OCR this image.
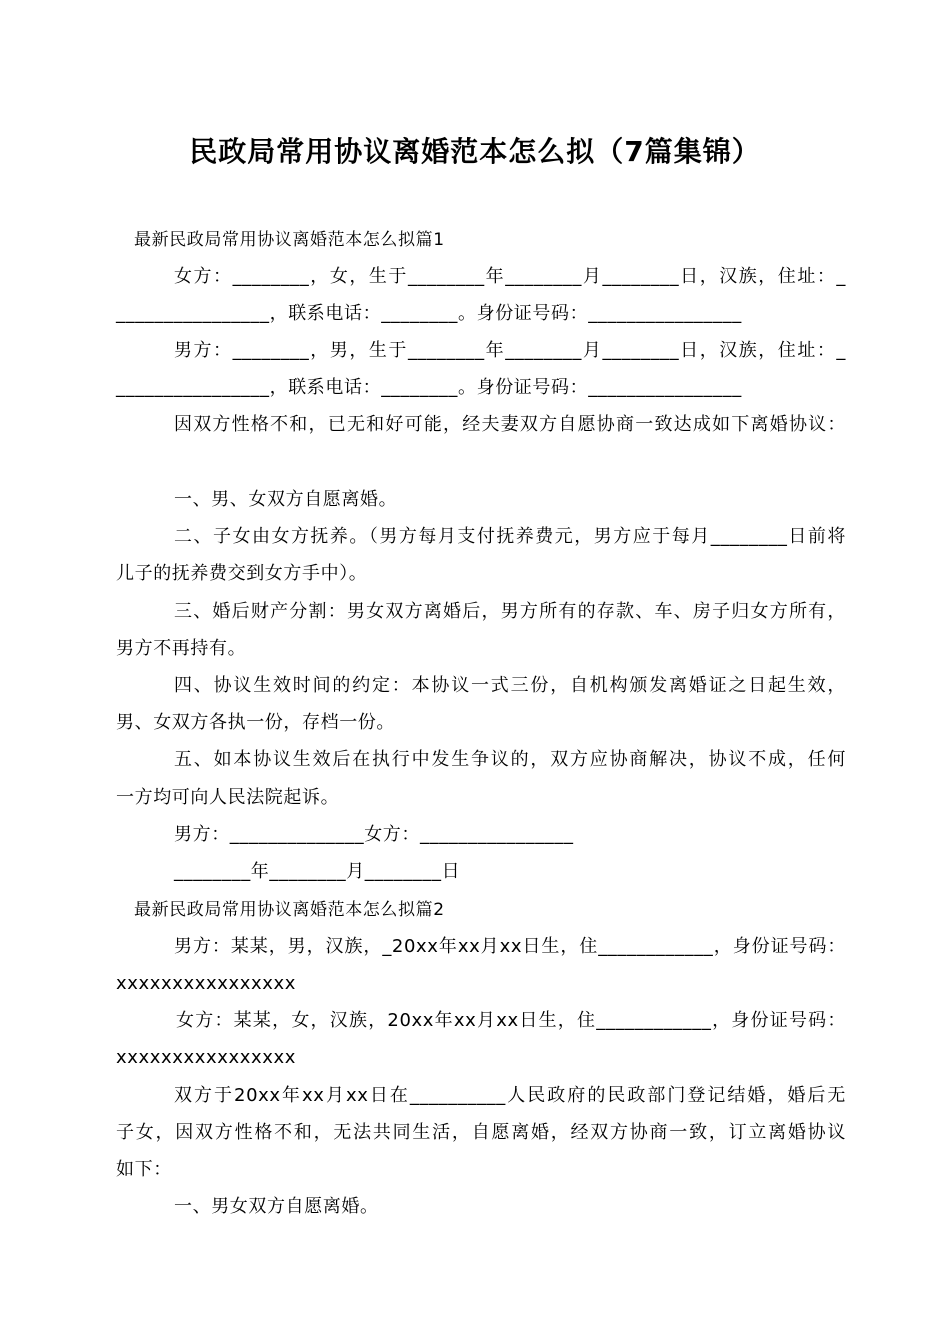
民政局常用协议离婚范本怎么拟（7篇集锦）

最新民政局常用协议离婚范本怎么拟篇1

女方：________，女，生于________年________月________日，汉族，住址：_

________________，联系电话：________。身份证号码：________________

男方：________，男，生于________年________月________日，汉族，住址：_

________________，联系电话：________。身份证号码：________________

因双方性格不和，已无和好可能，经夫妻双方自愿协商一致达成如下离婚协议：

一、男、女双方自愿离婚。

二、子女由女方抚养。（男方每月支付抚养费元，男方应于每月________日前将

儿子的抚养费交到女方手中）。

三、婚后财产分割：男女双方离婚后，男方所有的存款、车、房子归女方所有，

男方不再持有。

四、协议生效时间的约定：本协议一式三份，自机构颁发离婚证之日起生效，

男、女双方各执一份，存档一份。

五、如本协议生效后在执行中发生争议的，双方应协商解决，协议不成，任何

一方均可向人民法院起诉。

男方：______________女方：________________

________年________月________日

最新民政局常用协议离婚范本怎么拟篇2

男方：某某，男，汉族，_20xx年xx月xx日生，住____________，身份证号码：

xxxxxxxxxxxxxxxx

女方：某某，女，汉族，20xx年xx月xx日生，住____________，身份证号码：

xxxxxxxxxxxxxxxx

双方于20xx年xx月xx日在__________人民政府的民政部门登记结婚，婚后无

子女，因双方性格不和，无法共同生活，自愿离婚，经双方协商一致，订立离婚协议

如下：

一、男女双方自愿离婚。
